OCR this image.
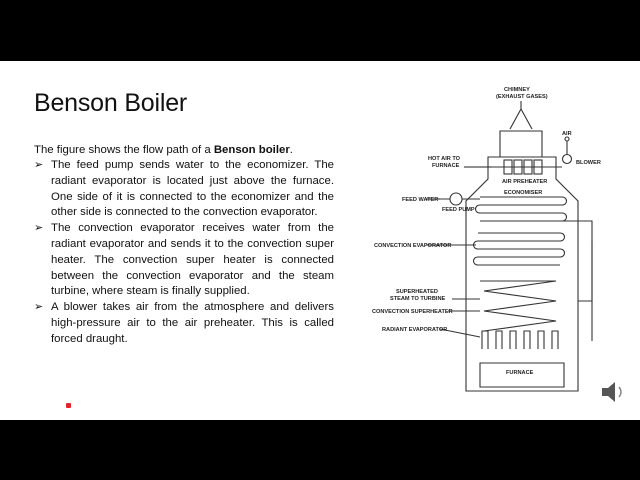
Benson Boiler
The figure shows the flow path of a Benson boiler.
➢ The feed pump sends water to the economizer. The radiant evaporator is located just above the furnace. One side of it is connected to the economizer and the other side is connected to the convection evaporator.
➢ The convection evaporator receives water from the radiant evaporator and sends it to the convection super heater. The convection super heater is connected between the convection evaporator and the steam turbine, where steam is finally supplied.
➢ A blower takes air from the atmosphere and delivers high-pressure air to the air preheater. This is called forced draught.
CHIMNEY
(EXHAUST GASES)
AIR
HOT AIR TO
FURNACE	BLOWER
AIR PREHEATER
ECONOMISER
FEED WATER
FEED PUMP
CONVECTION EVAPORATOR
SUPERHEATED
STEAM TO TURBINE
CONVECTION SUPERHEATER
RADIANT EVAPORATOR
FURNACE
